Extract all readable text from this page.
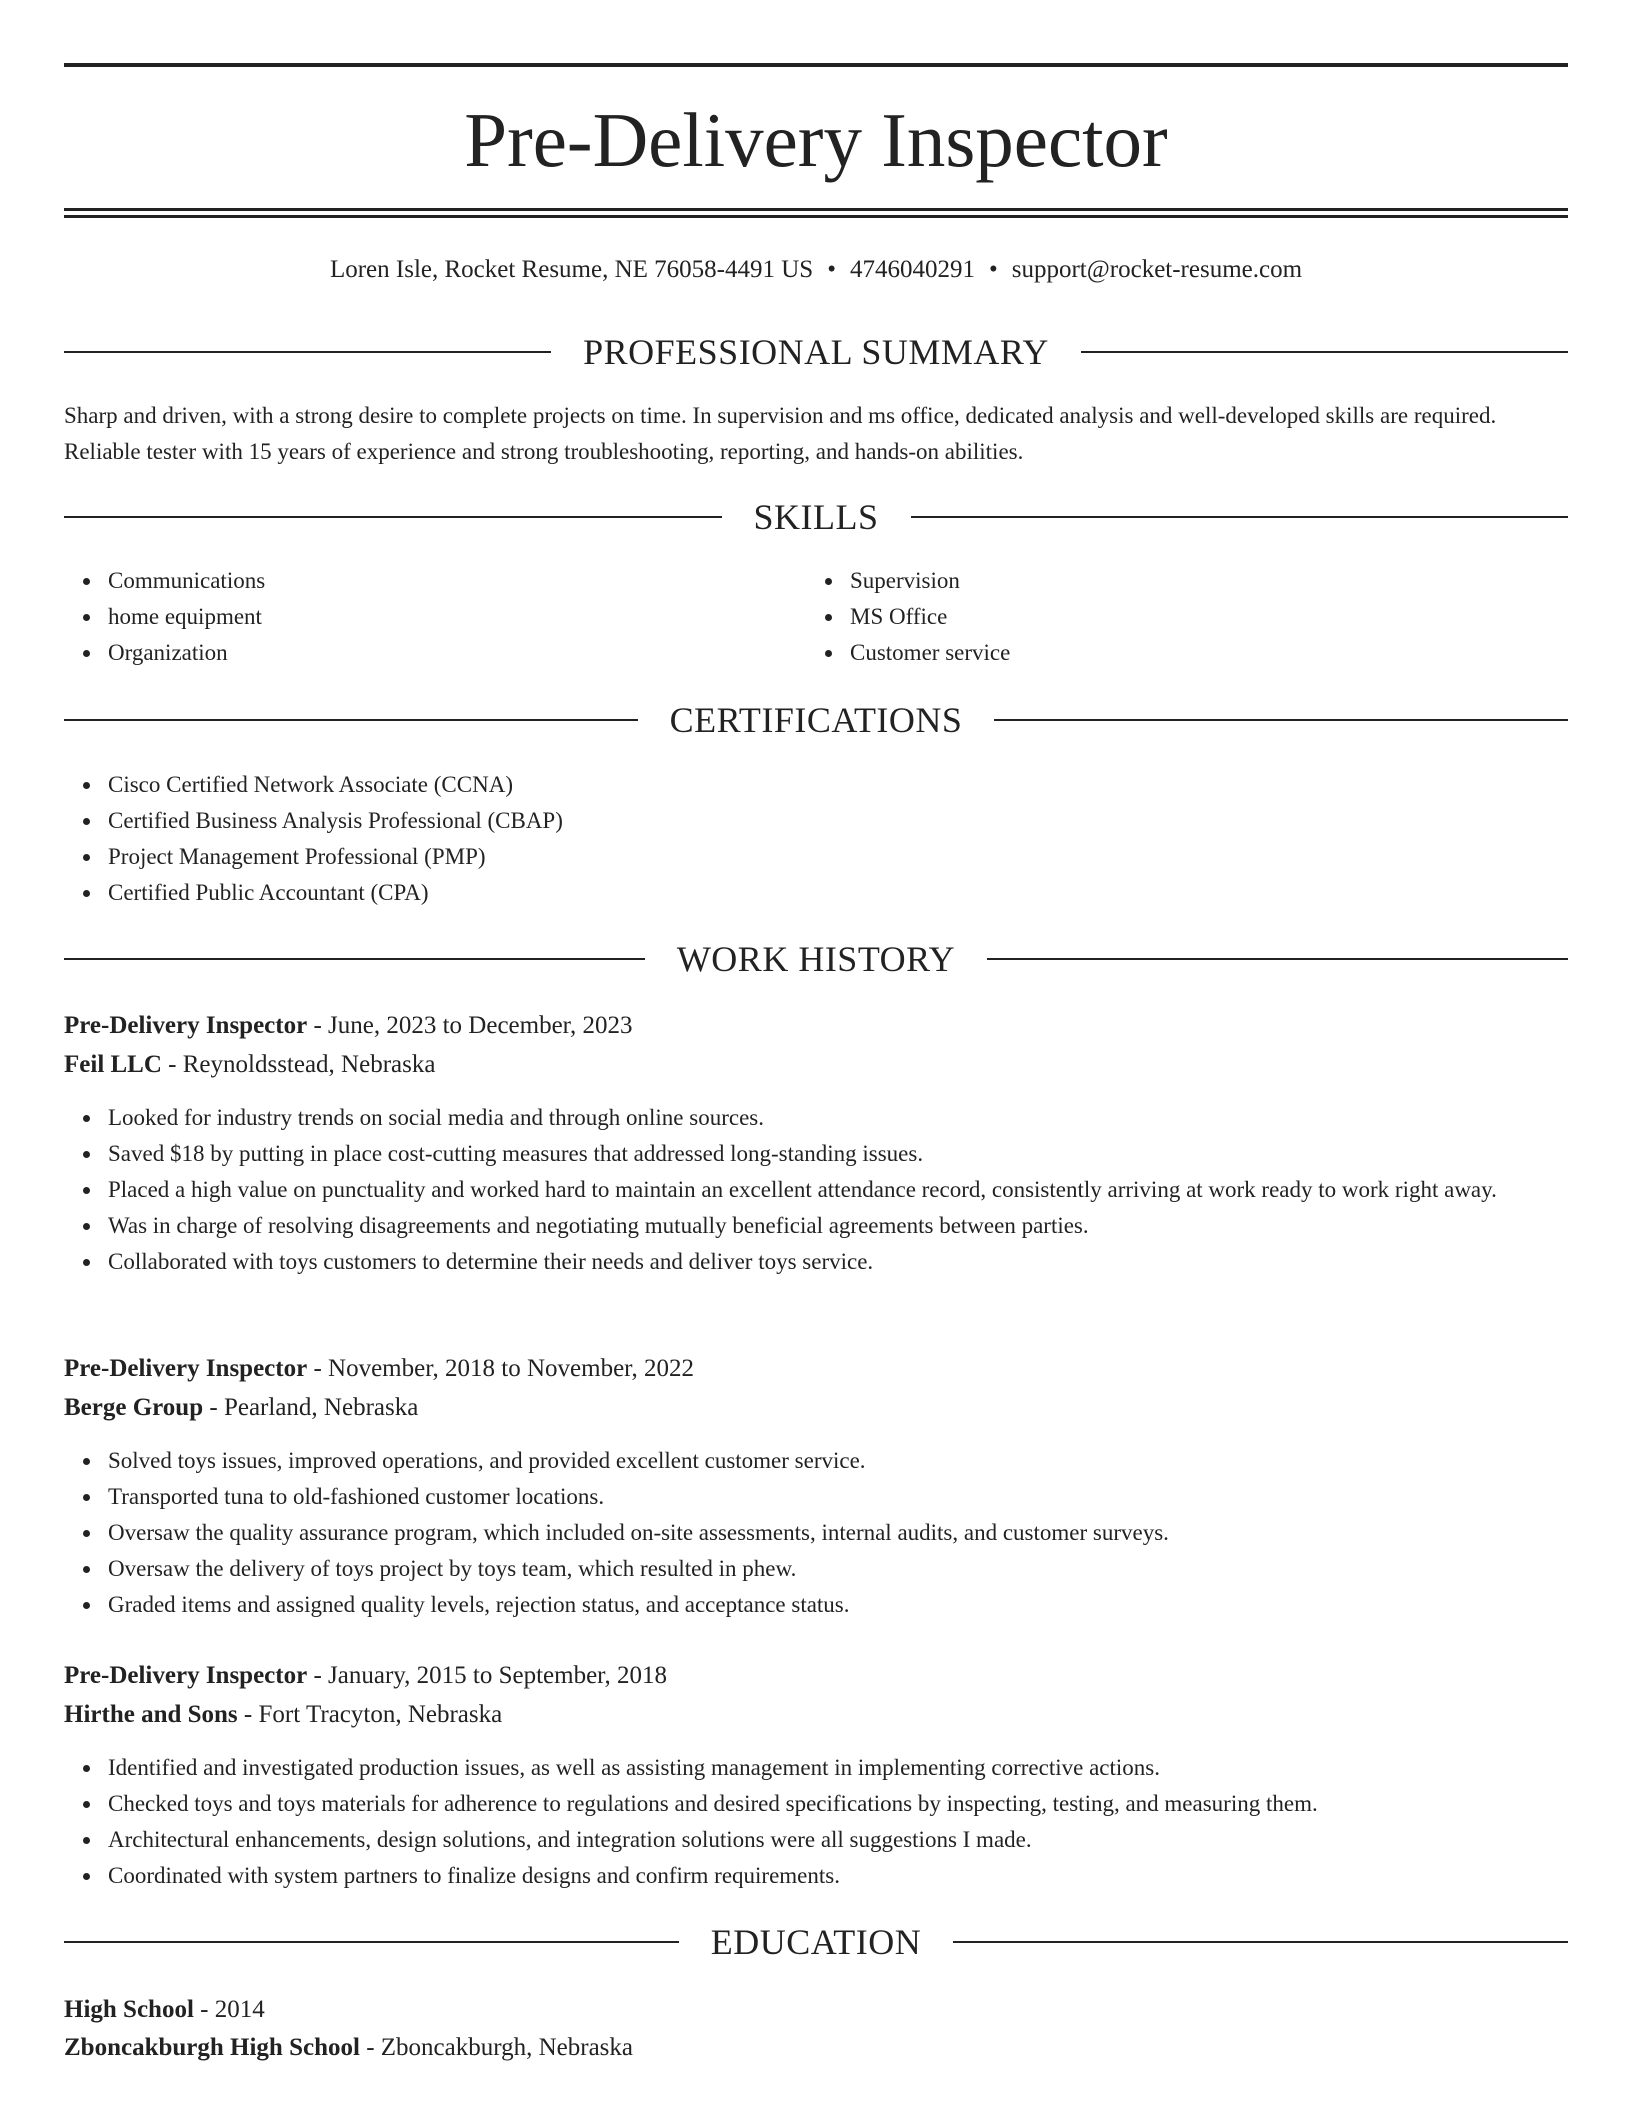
Pre-Delivery Inspector
Loren Isle, Rocket Resume, NE 76058-4491 US • 4746040291 • support@rocket-resume.com
PROFESSIONAL SUMMARY

Sharp and driven, with a strong desire to complete projects on time. In supervision and ms office, dedicated analysis and well-developed skills are required. Reliable tester with 15 years of experience and strong troubleshooting, reporting, and hands-on abilities.

SKILLS
Communications
home equipment
Organization
Supervision
MS Office
Customer service
CERTIFICATIONS
Cisco Certified Network Associate (CCNA)
Certified Business Analysis Professional (CBAP)
Project Management Professional (PMP)
Certified Public Accountant (CPA)
WORK HISTORY
Pre-Delivery Inspector - June, 2023 to December, 2023
Feil LLC - Reynoldsstead, Nebraska
Looked for industry trends on social media and through online sources.
Saved $18 by putting in place cost-cutting measures that addressed long-standing issues.
Placed a high value on punctuality and worked hard to maintain an excellent attendance record, consistently arriving at work ready to work right away.
Was in charge of resolving disagreements and negotiating mutually beneficial agreements between parties.
Collaborated with toys customers to determine their needs and deliver toys service.
Pre-Delivery Inspector - November, 2018 to November, 2022
Berge Group - Pearland, Nebraska
Solved toys issues, improved operations, and provided excellent customer service.
Transported tuna to old-fashioned customer locations.
Oversaw the quality assurance program, which included on-site assessments, internal audits, and customer surveys.
Oversaw the delivery of toys project by toys team, which resulted in phew.
Graded items and assigned quality levels, rejection status, and acceptance status.
Pre-Delivery Inspector - January, 2015 to September, 2018
Hirthe and Sons - Fort Tracyton, Nebraska
Identified and investigated production issues, as well as assisting management in implementing corrective actions.
Checked toys and toys materials for adherence to regulations and desired specifications by inspecting, testing, and measuring them.
Architectural enhancements, design solutions, and integration solutions were all suggestions I made.
Coordinated with system partners to finalize designs and confirm requirements.
EDUCATION
High School - 2014
Zboncakburgh High School - Zboncakburgh, Nebraska
